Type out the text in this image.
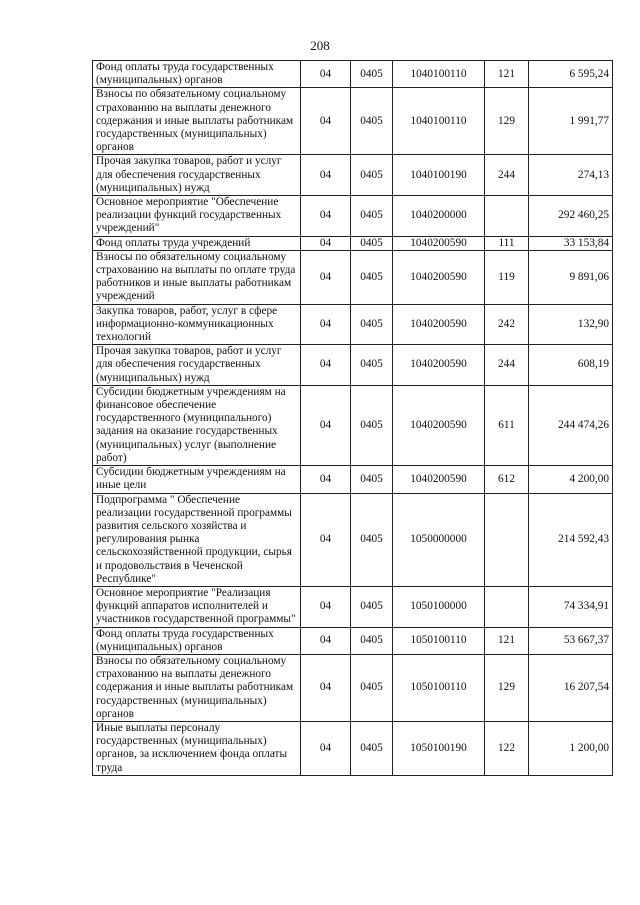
208
Фонд оплаты труда государственных (муниципальных) органов	04	0405	1040100110	121	6 595,24
Взносы по обязательному социальному страхованию на выплаты денежного содержания и иные выплаты работникам государственных (муниципальных) органов	04	0405	1040100110	129	1 991,77
Прочая закупка товаров, работ и услуг для обеспечения государственных (муниципальных) нужд	04	0405	1040100190	244	274,13
Основное мероприятие "Обеспечение реализации функций государственных учреждений"	04	0405	1040200000		292 460,25
Фонд оплаты труда учреждений	04	0405	1040200590	111	33 153,84
Взносы по обязательному социальному страхованию на выплаты по оплате труда работников и иные выплаты работникам учреждений	04	0405	1040200590	119	9 891,06
Закупка товаров, работ, услуг в сфере информационно-коммуникационных технологий	04	0405	1040200590	242	132,90
Прочая закупка товаров, работ и услуг для обеспечения государственных (муниципальных) нужд	04	0405	1040200590	244	608,19
Субсидии бюджетным учреждениям на финансовое обеспечение государственного (муниципального) задания на оказание государственных (муниципальных) услуг (выполнение работ)	04	0405	1040200590	611	244 474,26
Субсидии бюджетным учреждениям на иные цели	04	0405	1040200590	612	4 200,00
Подпрограмма " Обеспечение реализации государственной программы развития сельского хозяйства и регулирования рынка сельскохозяйственной продукции, сырья и продовольствия в Чеченской Республике"	04	0405	1050000000		214 592,43
Основное мероприятие "Реализация функций аппаратов исполнителей и участников государственной программы"	04	0405	1050100000		74 334,91
Фонд оплаты труда государственных (муниципальных) органов	04	0405	1050100110	121	53 667,37
Взносы по обязательному социальному страхованию на выплаты денежного содержания и иные выплаты работникам государственных (муниципальных) органов	04	0405	1050100110	129	16 207,54
Иные выплаты персоналу государственных (муниципальных) органов, за исключением фонда оплаты труда	04	0405	1050100190	122	1 200,00
